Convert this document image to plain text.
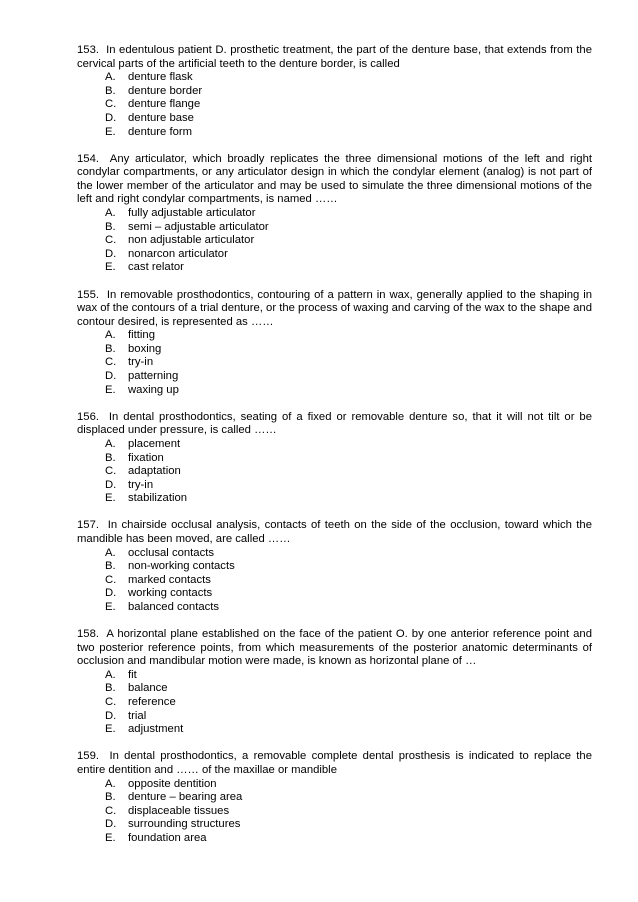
153. In edentulous patient D. prosthetic treatment, the part of the denture base, that extends from the cervical parts of the artificial teeth to the denture border, is called

A.	denture flask
B.	denture border
C.	denture flange
D.	denture base
E.	denture form

154. Any articulator, which broadly replicates the three dimensional motions of the left and right condylar compartments, or any articulator design in which the condylar element (analog) is not part of the lower member of the articulator and may be used to simulate the three dimensional motions of the left and right condylar compartments, is named ……

A.	fully adjustable articulator
B.	semi – adjustable articulator
C.	non adjustable articulator
D.	nonarcon articulator
E.	cast relator

155. In removable prosthodontics, contouring of a pattern in wax, generally applied to the shaping in wax of the contours of a trial denture, or the process of waxing and carving of the wax to the shape and contour desired, is represented as ……

A.	fitting
B.	boxing
C.	try-in
D.	patterning
E.	waxing up

156. In dental prosthodontics, seating of a fixed or removable denture so, that it will not tilt or be displaced under pressure, is called ……

A.	placement
B.	fixation
C.	adaptation
D.	try-in
E.	stabilization

157. In chairside occlusal analysis, contacts of teeth on the side of the occlusion, toward which the mandible has been moved, are called ……

A.	occlusal contacts
B.	non-working contacts
C.	marked contacts
D.	working contacts
E.	balanced contacts

158. A horizontal plane established on the face of the patient O. by one anterior reference point and two posterior reference points, from which measurements of the posterior anatomic determinants of occlusion and mandibular motion were made, is known as horizontal plane of …

A.	fit
B.	balance
C.	reference
D.	trial
E.	adjustment

159. In dental prosthodontics, a removable complete dental prosthesis is indicated to replace the entire dentition and …… of the maxillae or mandible

A.	opposite dentition
B.	denture – bearing area
C.	displaceable tissues
D.	surrounding structures
E.	foundation area
